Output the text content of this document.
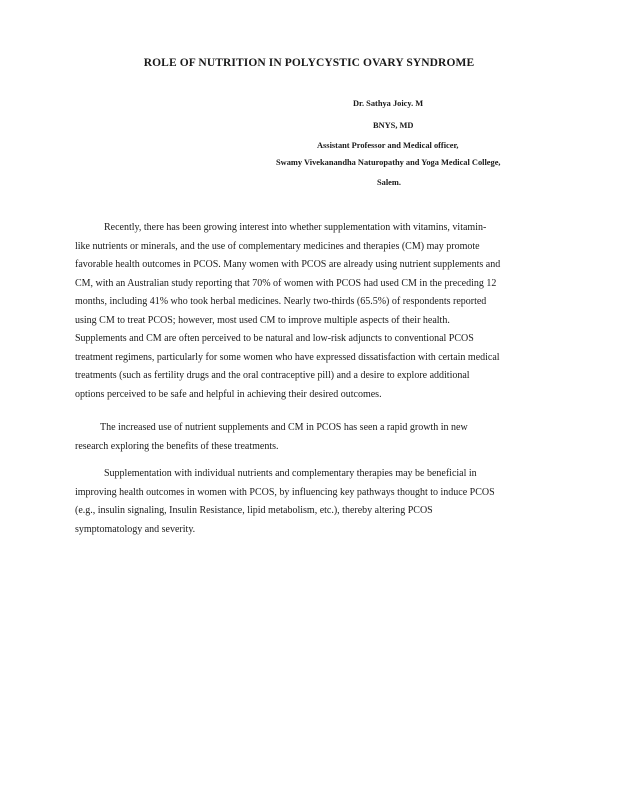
ROLE OF NUTRITION IN POLYCYSTIC OVARY SYNDROME
Dr. Sathya Joicy. M
BNYS, MD
Assistant Professor and Medical officer,
Swamy Vivekanandha Naturopathy and Yoga Medical College,
Salem.
Recently, there has been growing interest into whether supplementation with vitamins, vitamin-
like nutrients or minerals, and the use of complementary medicines and therapies (CM) may promote
favorable health outcomes in PCOS. Many women with PCOS are already using nutrient supplements and
CM, with an Australian study reporting that 70% of women with PCOS had used CM in the preceding 12
months, including 41% who took herbal medicines. Nearly two-thirds (65.5%) of respondents reported
using CM to treat PCOS; however, most used CM to improve multiple aspects of their health.
Supplements and CM are often perceived to be natural and low-risk adjuncts to conventional PCOS
treatment regimens, particularly for some women who have expressed dissatisfaction with certain medical
treatments (such as fertility drugs and the oral contraceptive pill) and a desire to explore additional
options perceived to be safe and helpful in achieving their desired outcomes.
The increased use of nutrient supplements and CM in PCOS has seen a rapid growth in new
research exploring the benefits of these treatments.
Supplementation with individual nutrients and complementary therapies may be beneficial in
improving health outcomes in women with PCOS, by influencing key pathways thought to induce PCOS
(e.g., insulin signaling, Insulin Resistance, lipid metabolism, etc.), thereby altering PCOS
symptomatology and severity.
